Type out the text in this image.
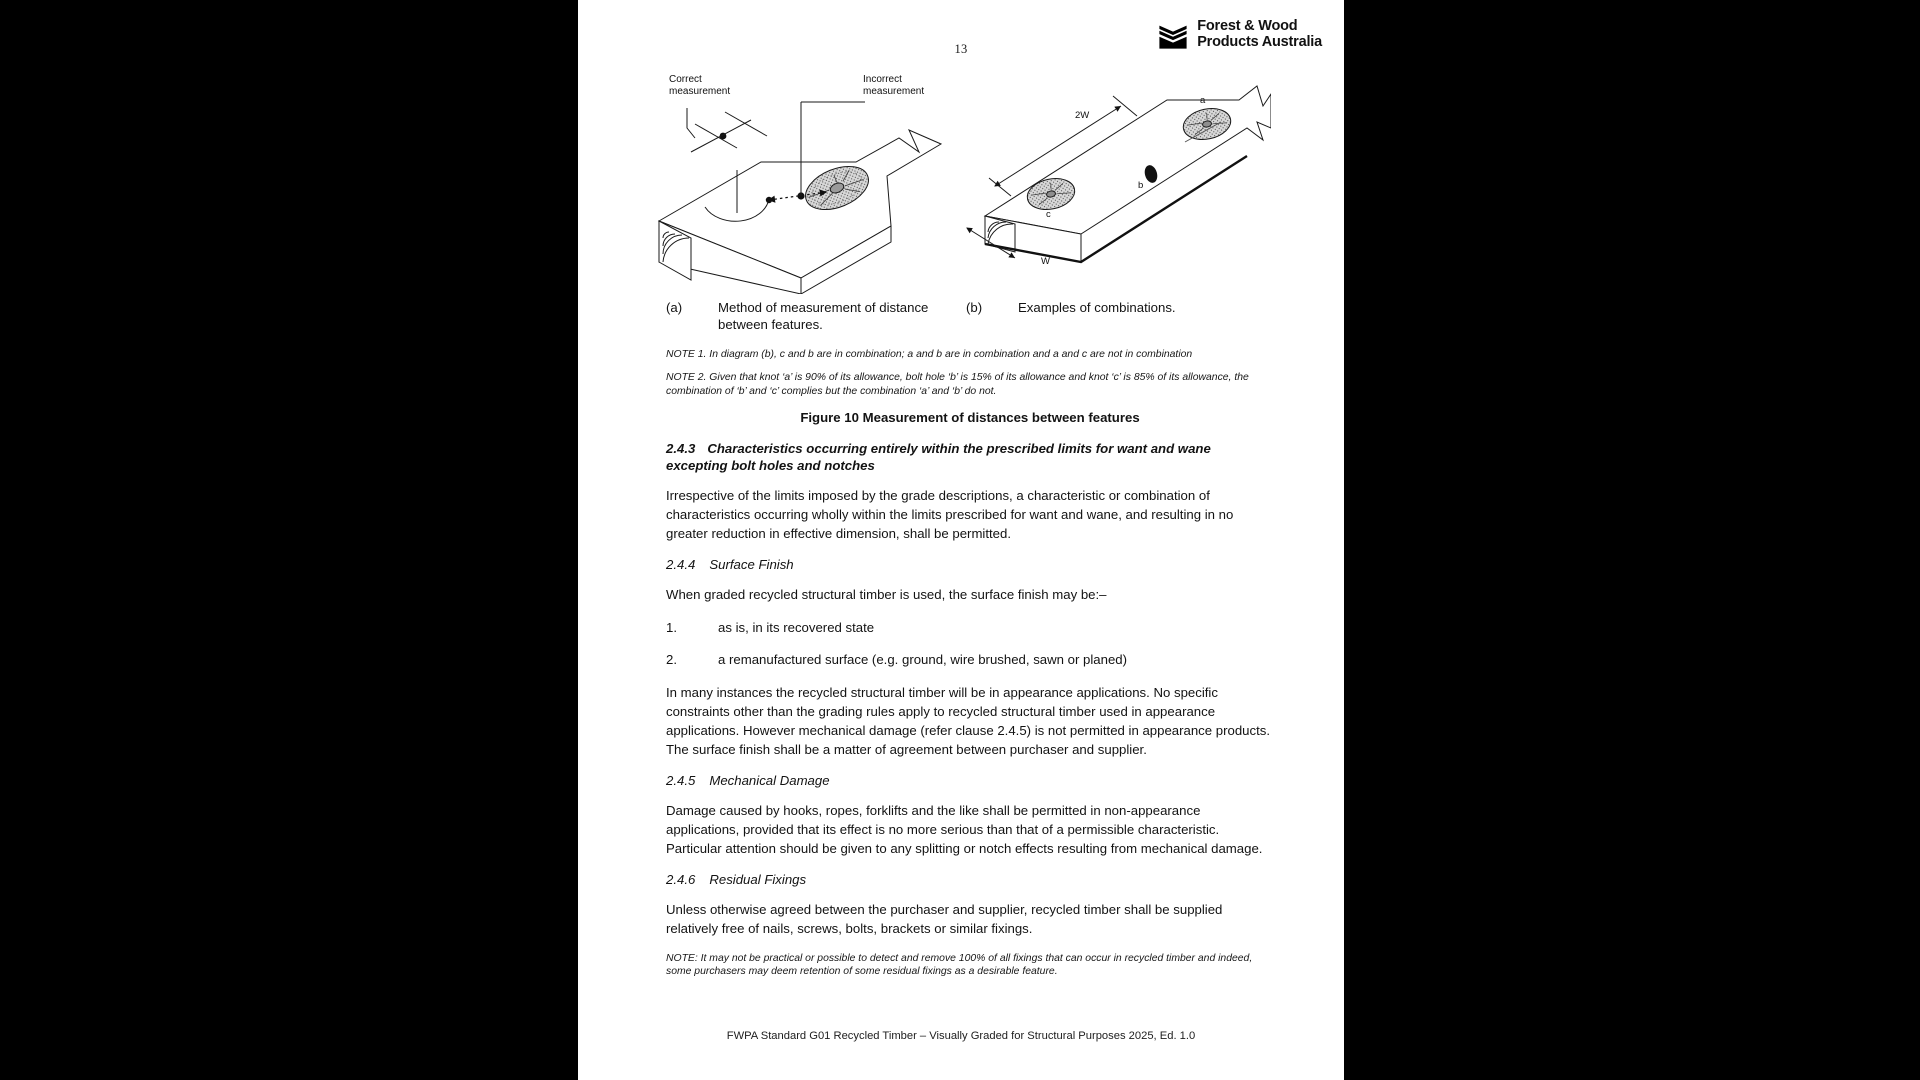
13
Forest & Wood
Products Australia
Correct
measurement
Incorrect
measurement
2W
W
a
b
c
(a)	Method of measurement of distance between features.
(b)	Examples of combinations.

NOTE 1. In diagram (b), c and b are in combination; a and b are in combination and a and c are not in combination

NOTE 2. Given that knot ‘a’ is 90% of its allowance, bolt hole ‘b’ is 15% of its allowance and knot ‘c’ is 85% of its allowance, the combination of ‘b’ and ‘c’ complies but the combination ‘a’ and ‘b’ do not.

Figure 10 Measurement of distances between features
2.4.3 Characteristics occurring entirely within the prescribed limits for want and wane excepting bolt holes and notches

Irrespective of the limits imposed by the grade descriptions, a characteristic or combination of characteristics occurring wholly within the limits prescribed for want and wane, and resulting in no greater reduction in effective dimension, shall be permitted.

2.4.4 Surface Finish

When graded recycled structural timber is used, the surface finish may be:–

1.	as is, in its recovered state
2.	a remanufactured surface (e.g. ground, wire brushed, sawn or planed)

In many instances the recycled structural timber will be in appearance applications. No specific constraints other than the grading rules apply to recycled structural timber used in appearance applications. However mechanical damage (refer clause 2.4.5) is not permitted in appearance products. The surface finish shall be a matter of agreement between purchaser and supplier.

2.4.5 Mechanical Damage

Damage caused by hooks, ropes, forklifts and the like shall be permitted in non-appearance applications, provided that its effect is no more serious than that of a permissible characteristic. Particular attention should be given to any splitting or notch effects resulting from mechanical damage.

2.4.6 Residual Fixings

Unless otherwise agreed between the purchaser and supplier, recycled timber shall be supplied relatively free of nails, screws, bolts, brackets or similar fixings.

NOTE: It may not be practical or possible to detect and remove 100% of all fixings that can occur in recycled timber and indeed, some purchasers may deem retention of some residual fixings as a desirable feature.

FWPA Standard G01 Recycled Timber – Visually Graded for Structural Purposes 2025, Ed. 1.0
